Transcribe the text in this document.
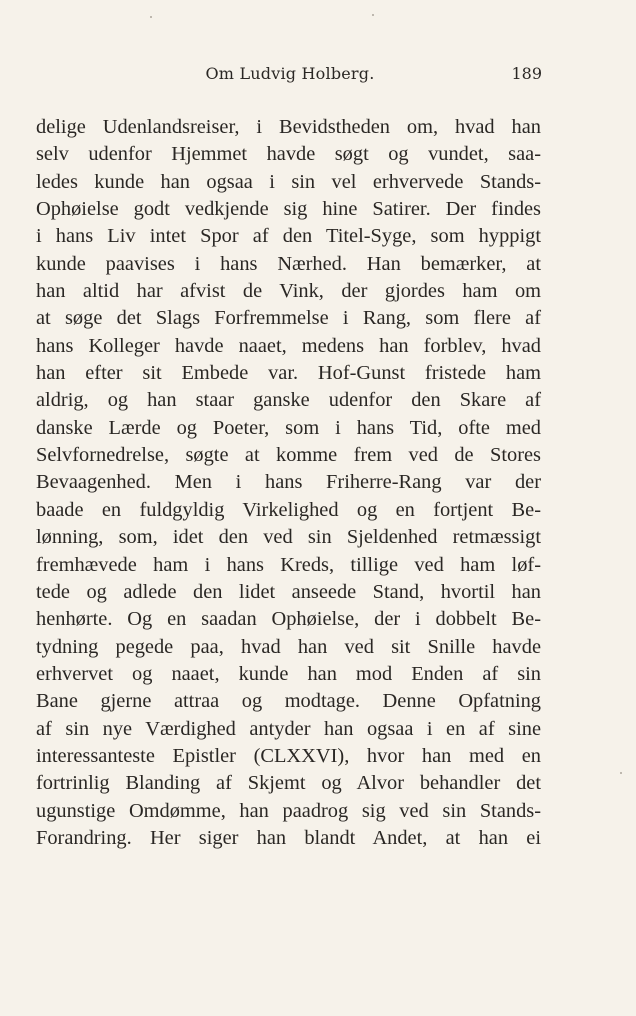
Om Ludvig Holberg.	189
delige Udenlandsreiser, i Bevidstheden om, hvad han
selv udenfor Hjemmet havde søgt og vundet, saa-
ledes kunde han ogsaa i sin vel erhvervede Stands-
Ophøielse godt vedkjende sig hine Satirer. Der findes
i hans Liv intet Spor af den Titel-Syge, som hyppigt
kunde paavises i hans Nærhed. Han bemærker, at
han altid har afvist de Vink, der gjordes ham om
at søge det Slags Forfremmelse i Rang, som flere af
hans Kolleger havde naaet, medens han forblev, hvad
han efter sit Embede var. Hof-Gunst fristede ham
aldrig, og han staar ganske udenfor den Skare af
danske Lærde og Poeter, som i hans Tid, ofte med
Selvfornedrelse, søgte at komme frem ved de Stores
Bevaagenhed. Men i hans Friherre-Rang var der
baade en fuldgyldig Virkelighed og en fortjent Be-
lønning, som, idet den ved sin Sjeldenhed retmæssigt
fremhævede ham i hans Kreds, tillige ved ham løf-
tede og adlede den lidet anseede Stand, hvortil han
henhørte. Og en saadan Ophøielse, der i dobbelt Be-
tydning pegede paa, hvad han ved sit Snille havde
erhvervet og naaet, kunde han mod Enden af sin
Bane gjerne attraa og modtage. Denne Opfatning
af sin nye Værdighed antyder han ogsaa i en af sine
interessanteste Epistler (CLXXVI), hvor han med en
fortrinlig Blanding af Skjemt og Alvor behandler det
ugunstige Omdømme, han paadrog sig ved sin Stands-
Forandring. Her siger han blandt Andet, at han ei
